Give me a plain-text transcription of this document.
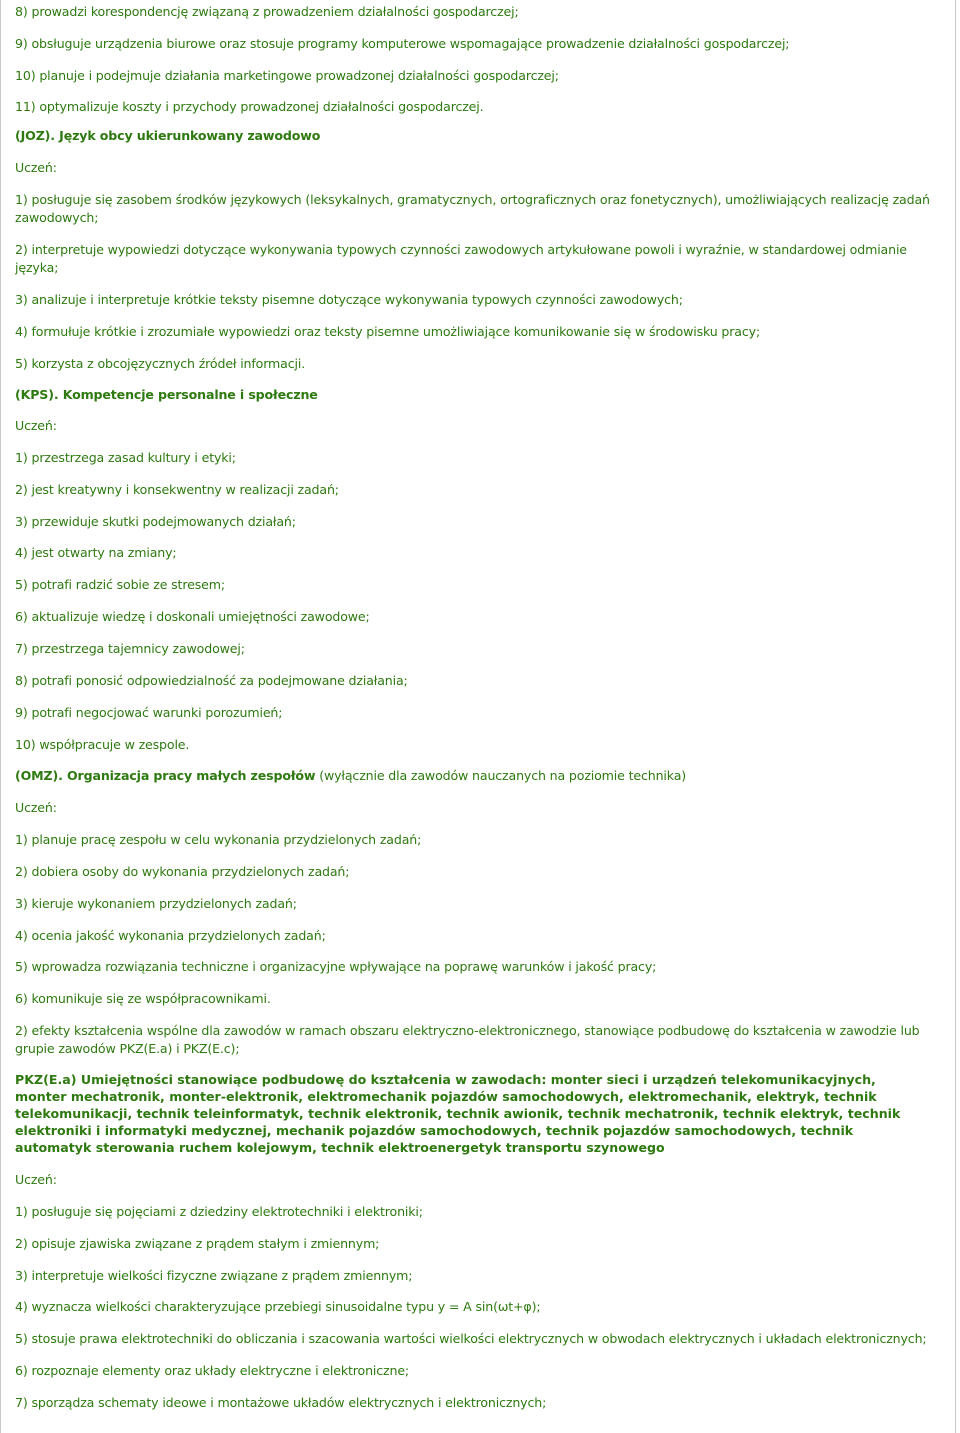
8) prowadzi korespondencję związaną z prowadzeniem działalności gospodarczej;
9) obsługuje urządzenia biurowe oraz stosuje programy komputerowe wspomagające prowadzenie działalności gospodarczej;
10) planuje i podejmuje działania marketingowe prowadzonej działalności gospodarczej;
11) optymalizuje koszty i przychody prowadzonej działalności gospodarczej.
(JOZ). Język obcy ukierunkowany zawodowo
Uczeń:
1) posługuje się zasobem środków językowych (leksykalnych, gramatycznych, ortograficznych oraz fonetycznych), umożliwiających realizację zadań zawodowych;
2) interpretuje wypowiedzi dotyczące wykonywania typowych czynności zawodowych artykułowane powoli i wyraźnie, w standardowej odmianie języka;
3) analizuje i interpretuje krótkie teksty pisemne dotyczące wykonywania typowych czynności zawodowych;
4) formułuje krótkie i zrozumiałe wypowiedzi oraz teksty pisemne umożliwiające komunikowanie się w środowisku pracy;
5) korzysta z obcojęzycznych źródeł informacji.
(KPS). Kompetencje personalne i społeczne
Uczeń:
1) przestrzega zasad kultury i etyki;
2) jest kreatywny i konsekwentny w realizacji zadań;
3) przewiduje skutki podejmowanych działań;
4) jest otwarty na zmiany;
5) potrafi radzić sobie ze stresem;
6) aktualizuje wiedzę i doskonali umiejętności zawodowe;
7) przestrzega tajemnicy zawodowej;
8) potrafi ponosić odpowiedzialność za podejmowane działania;
9) potrafi negocjować warunki porozumień;
10) współpracuje w zespole.
(OMZ). Organizacja pracy małych zespołów (wyłącznie dla zawodów nauczanych na poziomie technika)
Uczeń:
1) planuje pracę zespołu w celu wykonania przydzielonych zadań;
2) dobiera osoby do wykonania przydzielonych zadań;
3) kieruje wykonaniem przydzielonych zadań;
4) ocenia jakość wykonania przydzielonych zadań;
5) wprowadza rozwiązania techniczne i organizacyjne wpływające na poprawę warunków i jakość pracy;
6) komunikuje się ze współpracownikami.
2) efekty kształcenia wspólne dla zawodów w ramach obszaru elektryczno-elektronicznego, stanowiące podbudowę do kształcenia w zawodzie lub grupie zawodów PKZ(E.a) i PKZ(E.c);
PKZ(E.a) Umiejętności stanowiące podbudowę do kształcenia w zawodach: monter sieci i urządzeń telekomunikacyjnych, monter mechatronik, monter-elektronik, elektromechanik pojazdów samochodowych, elektromechanik, elektryk, technik telekomunikacji, technik teleinformatyk, technik elektronik, technik awionik, technik mechatronik, technik elektryk, technik elektroniki i informatyki medycznej, mechanik pojazdów samochodowych, technik pojazdów samochodowych, technik automatyk sterowania ruchem kolejowym, technik elektroenergetyk transportu szynowego
Uczeń:
1) posługuje się pojęciami z dziedziny elektrotechniki i elektroniki;
2) opisuje zjawiska związane z prądem stałym i zmiennym;
3) interpretuje wielkości fizyczne związane z prądem zmiennym;
4) wyznacza wielkości charakteryzujące przebiegi sinusoidalne typu y = A sin(ωt+φ);
5) stosuje prawa elektrotechniki do obliczania i szacowania wartości wielkości elektrycznych w obwodach elektrycznych i układach elektronicznych;
6) rozpoznaje elementy oraz układy elektryczne i elektroniczne;
7) sporządza schematy ideowe i montażowe układów elektrycznych i elektronicznych;
